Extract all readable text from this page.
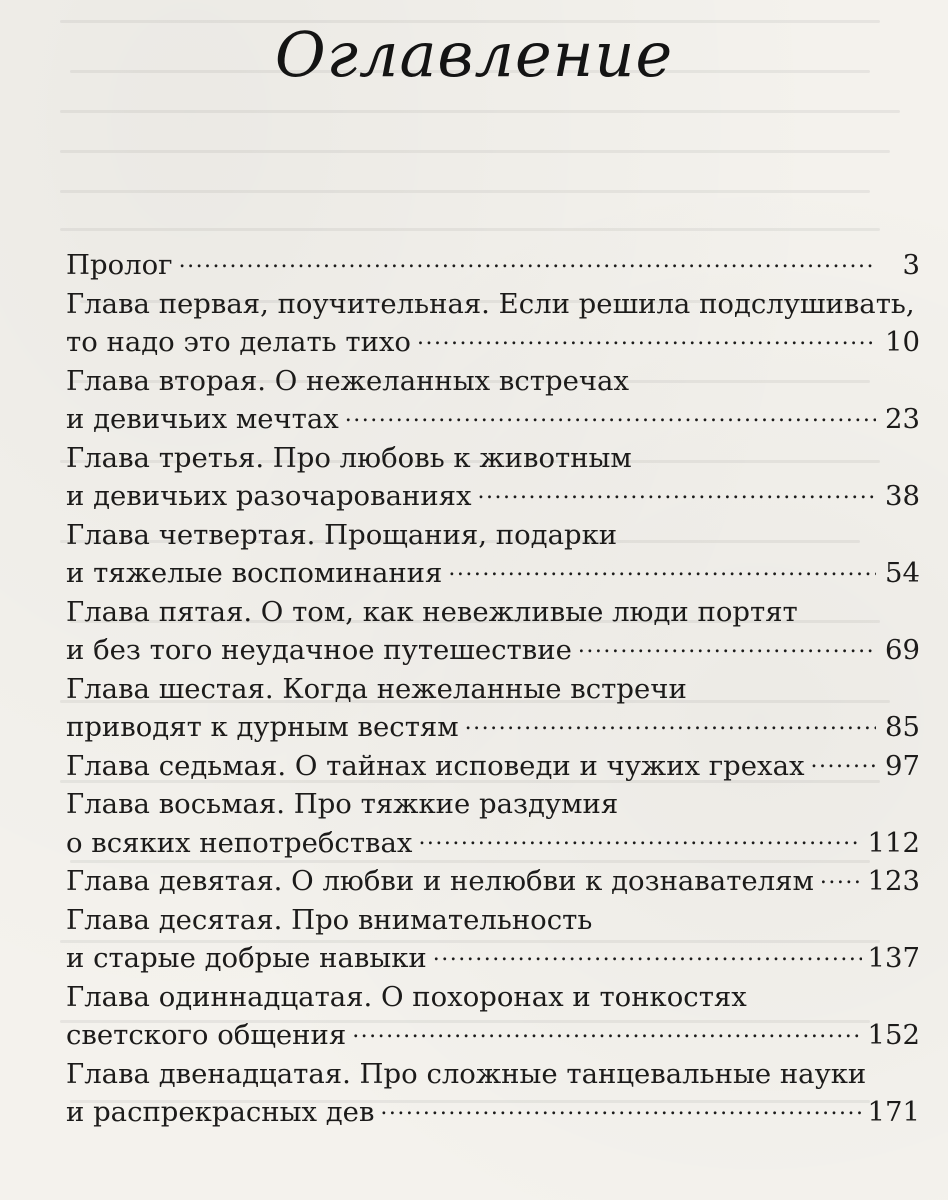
Оглавление
Пролог .....	3
Глава первая, поучительная. Если решила подслушивать,
то надо это делать тихо .....	10
Глава вторая. О нежеланных встречах
и девичьих мечтах .....	23
Глава третья. Про любовь к животным
и девичьих разочарованиях .....	38
Глава четвертая. Прощания, подарки
и тяжелые воспоминания .....	54
Глава пятая. О том, как невежливые люди портят
и без того неудачное путешествие .....	69
Глава шестая. Когда нежеланные встречи
приводят к дурным вестям .....	85
Глава седьмая. О тайнах исповеди и чужих грехах .....	97
Глава восьмая. Про тяжкие раздумия
о всяких непотребствах .....	112
Глава девятая. О любви и нелюбви к дознавателям ..... 123
Глава десятая. Про внимательность
и старые добрые навыки .....	137
Глава одиннадцатая. О похоронах и тонкостях
светского общения .....	152
Глава двенадцатая. Про сложные танцевальные науки
и распрекрасных дев .....	171
